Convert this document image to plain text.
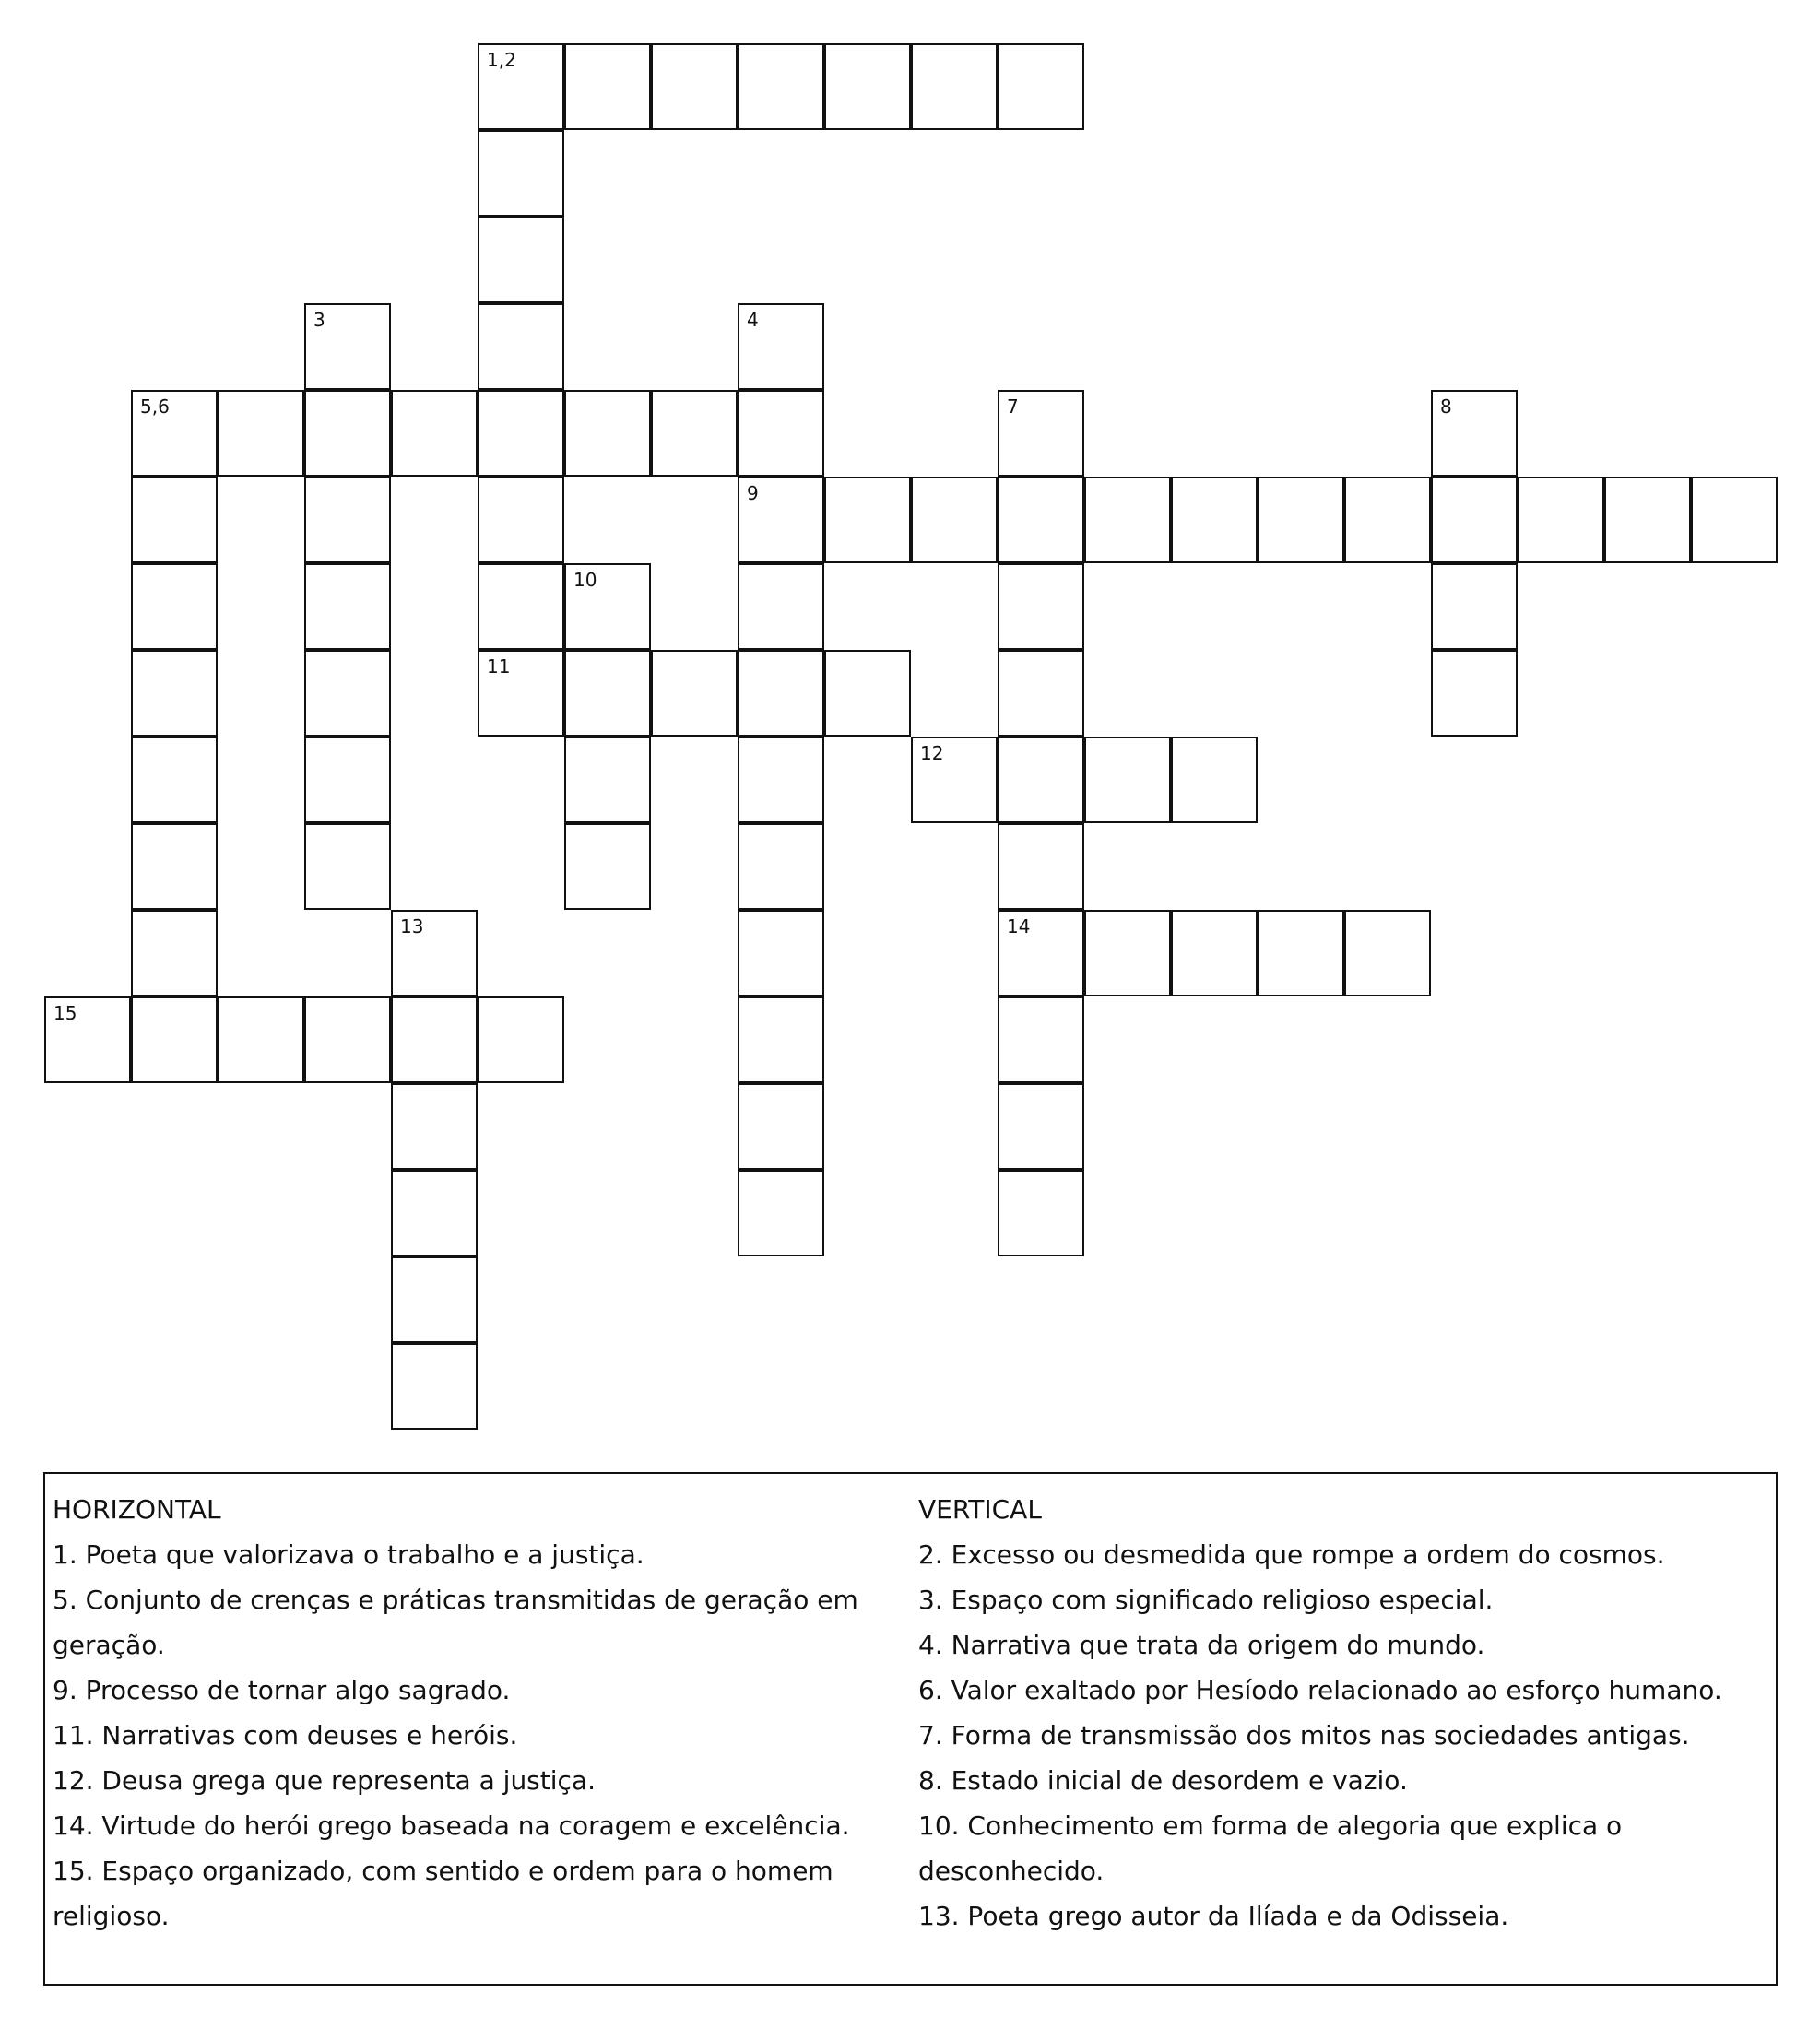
1,2
3	4
9
5,6	7
14
8
10
11
12
13
15
HORIZONTAL
1. Poeta que valorizava o trabalho e a justiça.
5. Conjunto de crenças e práticas transmitidas de geração em geração.
9. Processo de tornar algo sagrado.
11. Narrativas com deuses e heróis.
12. Deusa grega que representa a justiça.
14. Virtude do herói grego baseada na coragem e excelência.
15. Espaço organizado, com sentido e ordem para o homem religioso.
VERTICAL
2. Excesso ou desmedida que rompe a ordem do cosmos.
3. Espaço com significado religioso especial.
4. Narrativa que trata da origem do mundo.
6. Valor exaltado por Hesíodo relacionado ao esforço humano.
7. Forma de transmissão dos mitos nas sociedades antigas.
8. Estado inicial de desordem e vazio.
10. Conhecimento em forma de alegoria que explica o desconhecido.
13. Poeta grego autor da Ilíada e da Odisseia.
